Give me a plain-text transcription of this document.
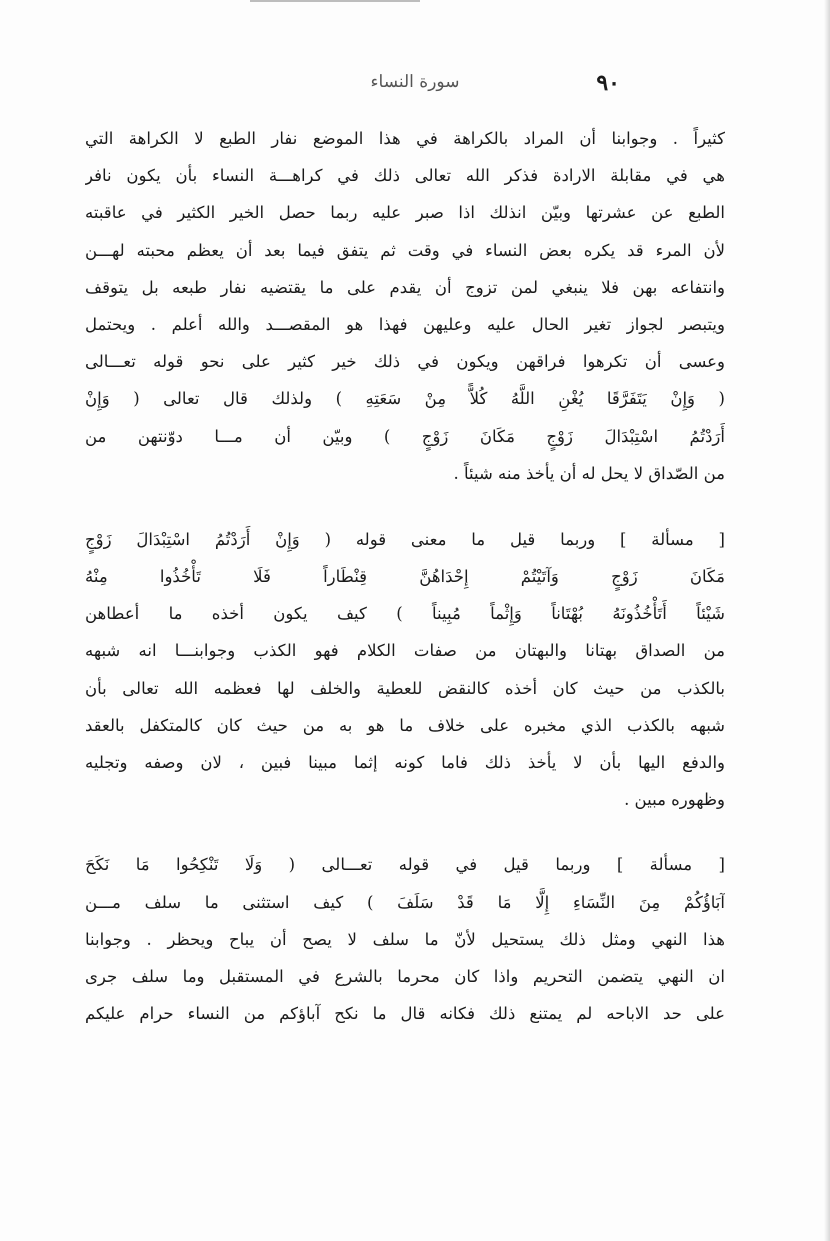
٩٠
سورة النساء
كثيراً . وجوابنا أن المراد بالكراهة في هذا الموضع نفار الطبع لا الكراهة التي
هي في مقابلة الارادة فذكر الله تعالى ذلك في كراهـــة النساء بأن يكون نافر
الطبع عن عشرتها وبيّن انذلك اذا صبر عليه ربما حصل الخير الكثير في عاقبته
لأن المرء قد يكره بعض النساء في وقت ثم يتفق فيما بعد أن يعظم محبته لهـــن
وانتفاعه بهن فلا ينبغي لمن تزوج أن يقدم على ما يقتضيه نفار طبعه بل يتوقف
ويتبصر لجواز تغير الحال عليه وعليهن فهذا هو المقصـــد والله أعلم . ويحتمل
وعسى أن تكرهوا فراقهن ويكون في ذلك خير كثير على نحو قوله تعـــالى
( وَإِنْ يَتَفَرَّقَا يُغْنِ اللَّهُ كُلاًّ مِنْ سَعَتِهِ ) ولذلك قال تعالى ( وَإِنْ
أَرَدْتُمُ اسْتِبْدَالَ زَوْجٍ مَكَانَ زَوْجٍ ) وبيّن أن مـــا دوّنتهن من
من الصّداق لا يحل له أن يأخذ منه شيئاً .
[ مسألة ] وربما قيل ما معنى قوله ( وَإِنْ أَرَدْتُمُ اسْتِبْدَالَ زَوْجٍ
مَكَانَ زَوْجٍ وَآتَيْتُمْ إِحْدَاهُنَّ قِنْطَاراً فَلَا تَأْخُذُوا مِنْهُ
شَيْئاً أَتَأْخُذُونَهُ بُهْتَاناً وَإِثْماً مُبِيناً ) كيف يكون أخذه ما أعطاهن
من الصداق بهتانا والبهتان من صفات الكلام فهو الكذب وجوابنـــا انه شبهه
بالكذب من حيث كان أخذه كالنقض للعطية والخلف لها فعظمه الله تعالى بأن
شبهه بالكذب الذي مخبره على خلاف ما هو به من حيث كان كالمتكفل بالعقد
والدفع اليها بأن لا يأخذ ذلك فاما كونه إثما مبينا فبين ، لان وصفه وتجليه
وظهوره مبين .
[ مسألة ] وربما قيل في قوله تعـــالى ( وَلَا تَنْكِحُوا مَا نَكَحَ
آبَاؤُكُمْ مِنَ النِّسَاءِ إِلَّا مَا قَدْ سَلَفَ ) كيف استثنى ما سلف مـــن
هذا النهي ومثل ذلك يستحيل لأنّ ما سلف لا يصح أن يباح ويحظر . وجوابنا
ان النهي يتضمن التحريم واذا كان محرما بالشرع في المستقبل وما سلف جرى
على حد الاباحه لم يمتنع ذلك فكانه قال ما نكح آباؤكم من النساء حرام عليكم
